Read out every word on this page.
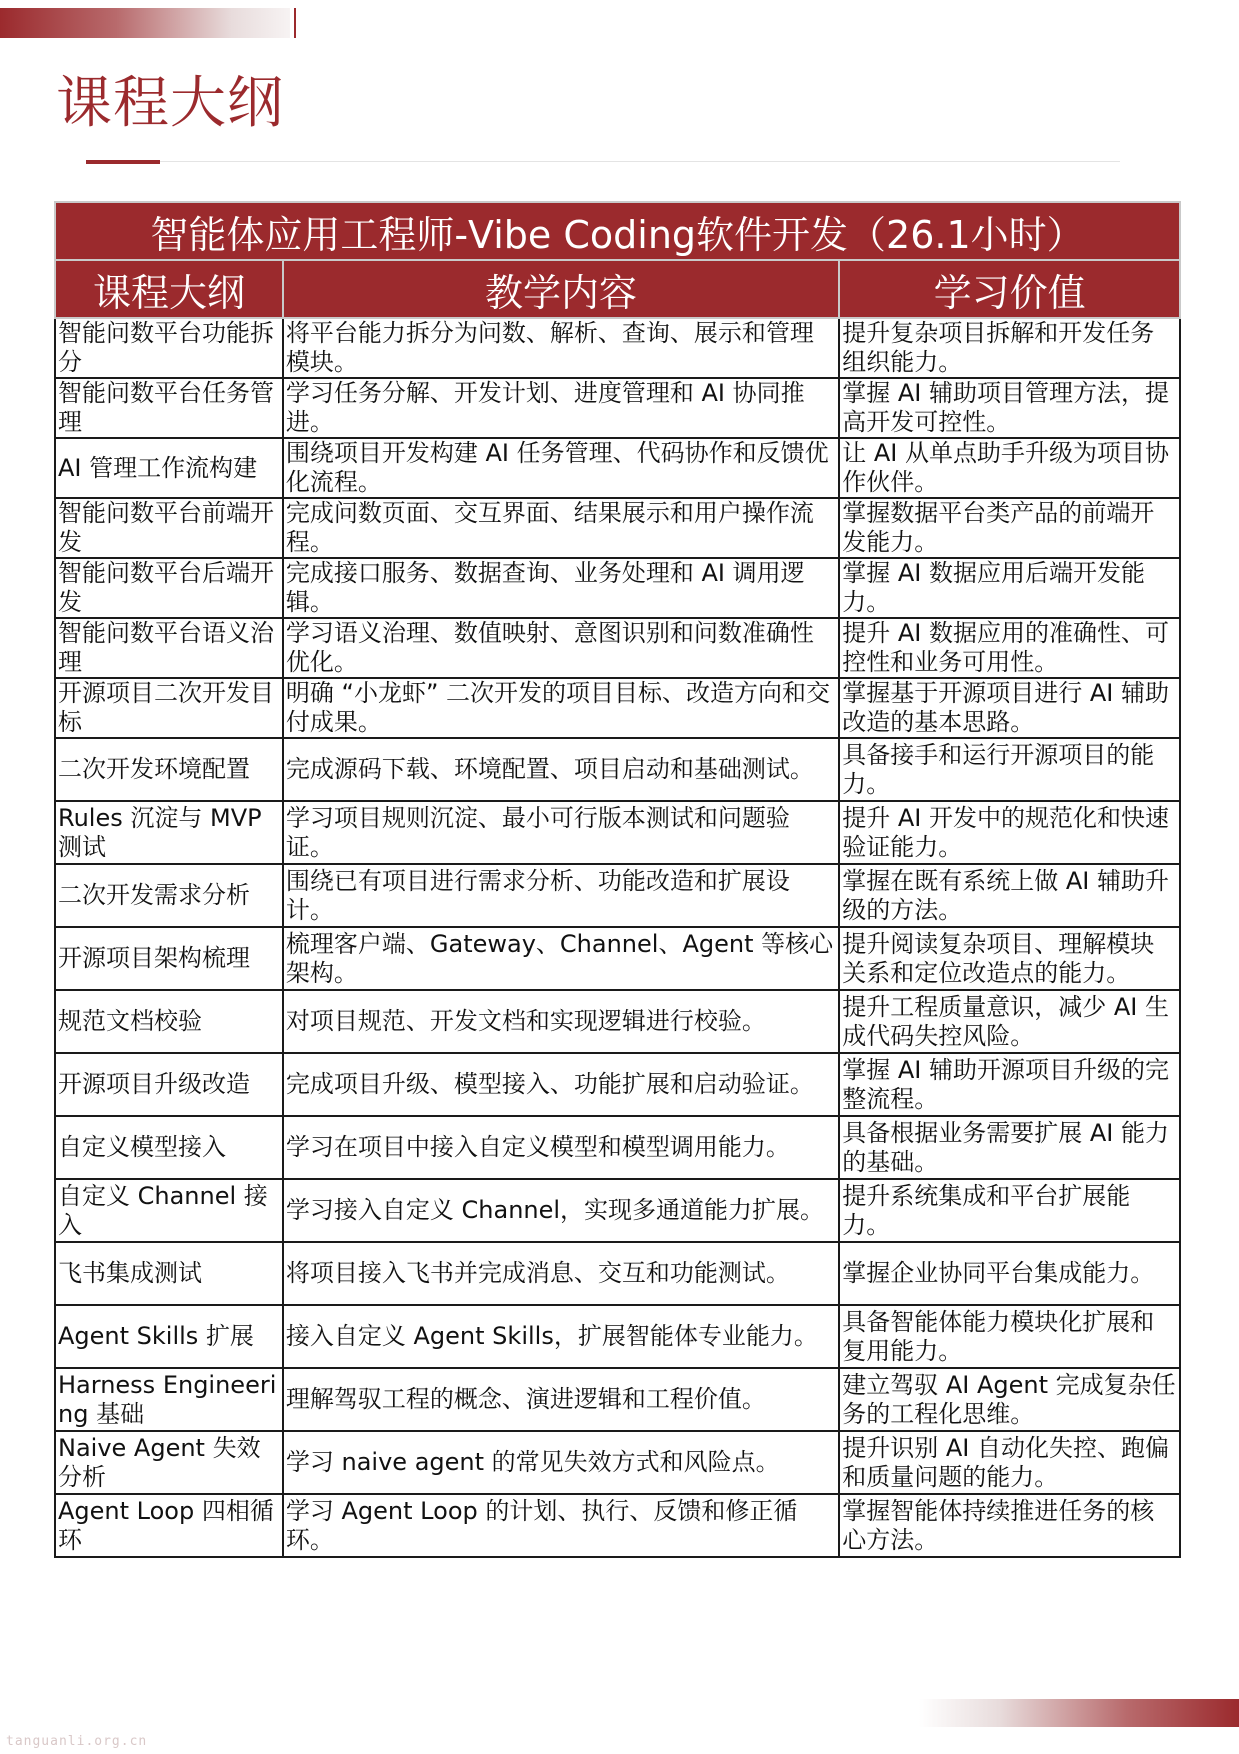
课程大纲
智能体应用工程师-Vibe Coding软件开发（26.1小时）		
课程大纲	教学内容	学习价值
智能问数平台功能拆分	将平台能力拆分为问数、解析、查询、展示和管理模块。	提升复杂项目拆解和开发任务组织能力。
智能问数平台任务管理	学习任务分解、开发计划、进度管理和 AI 协同推进。	掌握 AI 辅助项目管理方法，提高开发可控性。
AI 管理工作流构建	围绕项目开发构建 AI 任务管理、代码协作和反馈优化流程。	让 AI 从单点助手升级为项目协作伙伴。
智能问数平台前端开发	完成问数页面、交互界面、结果展示和用户操作流程。	掌握数据平台类产品的前端开发能力。
智能问数平台后端开发	完成接口服务、数据查询、业务处理和 AI 调用逻辑。	掌握 AI 数据应用后端开发能力。
智能问数平台语义治理	学习语义治理、数值映射、意图识别和问数准确性优化。	提升 AI 数据应用的准确性、可控性和业务可用性。
开源项目二次开发目标	明确 “小龙虾” 二次开发的项目目标、改造方向和交付成果。	掌握基于开源项目进行 AI 辅助改造的基本思路。
二次开发环境配置	完成源码下载、环境配置、项目启动和基础测试。	具备接手和运行开源项目的能力。
Rules 沉淀与 MVP 测试	学习项目规则沉淀、最小可行版本测试和问题验证。	提升 AI 开发中的规范化和快速验证能力。
二次开发需求分析	围绕已有项目进行需求分析、功能改造和扩展设计。	掌握在既有系统上做 AI 辅助升级的方法。
开源项目架构梳理	梳理客户端、Gateway、Channel、Agent 等核心架构。	提升阅读复杂项目、理解模块关系和定位改造点的能力。
规范文档校验	对项目规范、开发文档和实现逻辑进行校验。	提升工程质量意识，减少 AI 生成代码失控风险。
开源项目升级改造	完成项目升级、模型接入、功能扩展和启动验证。	掌握 AI 辅助开源项目升级的完整流程。
自定义模型接入	学习在项目中接入自定义模型和模型调用能力。	具备根据业务需要扩展 AI 能力的基础。
自定义 Channel 接入	学习接入自定义 Channel，实现多通道能力扩展。	提升系统集成和平台扩展能力。
飞书集成测试	将项目接入飞书并完成消息、交互和功能测试。	掌握企业协同平台集成能力。
Agent Skills 扩展	接入自定义 Agent Skills，扩展智能体专业能力。	具备智能体能力模块化扩展和复用能力。
Harness Engineering 基础	理解驾驭工程的概念、演进逻辑和工程价值。	建立驾驭 AI Agent 完成复杂任务的工程化思维。
Naive Agent 失效分析	学习 naive agent 的常见失效方式和风险点。	提升识别 AI 自动化失控、跑偏和质量问题的能力。
Agent Loop 四相循环	学习 Agent Loop 的计划、执行、反馈和修正循环。	掌握智能体持续推进任务的核心方法。
tanguanli.org.cn
